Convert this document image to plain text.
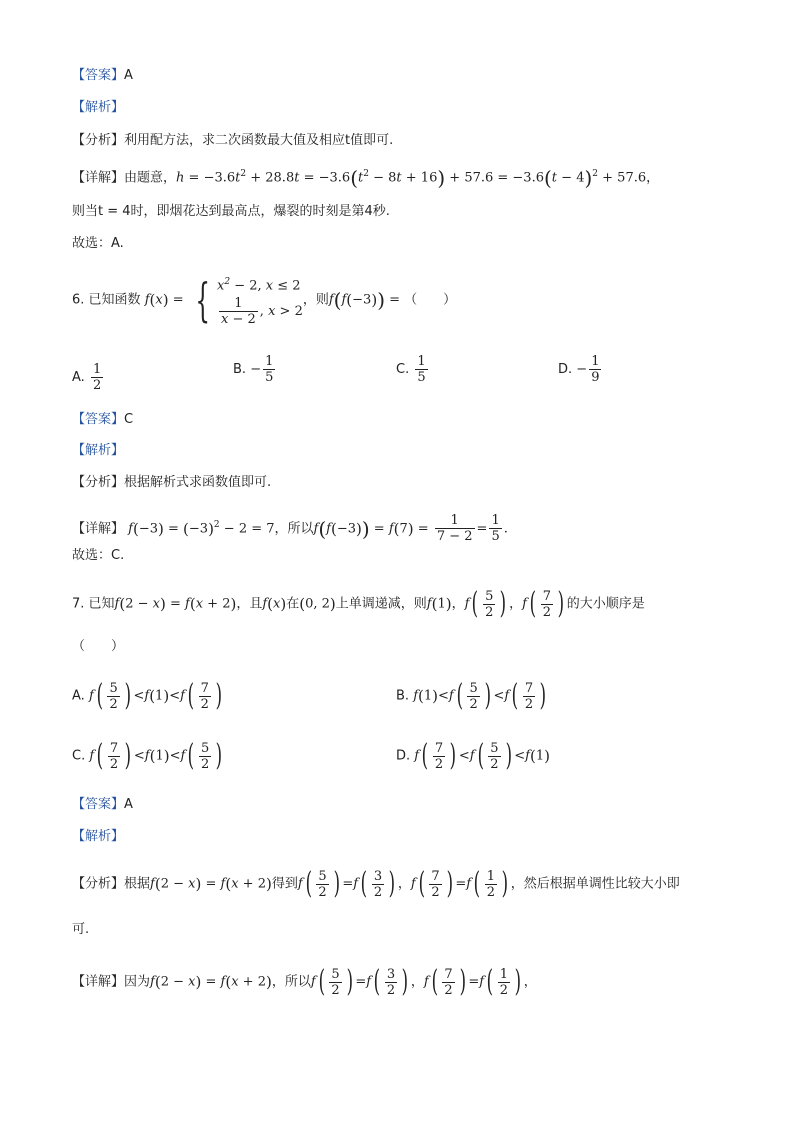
【答案】A
【解析】
【分析】利用配方法，求二次函数最大值及相应t值即可.
【详解】由题意，$h = -3.6t^2 + 28.8t = -3.6(t^2 - 8t + 16) + 57.6 = -3.6(t - 4)^2 + 57.6$，
则当t = 4时，即烟花达到最高点，爆裂的时刻是第4秒.
故选：A.
6. 已知函数 f(x) = { $x^2 - 2$, x ≤ 2
$\frac{1}{x - 2}$ , x > 2
，则f(f(−3)) = （　　）
A. $\frac{1}{2}$	B. − $\frac{1}{5}$	C. $\frac{1}{5}$	D. − $\frac{1}{9}$
【答案】C
【解析】
【分析】根据解析式求函数值即可.
【详解】 $f(-3) = (-3)^2 - 2 = 7$，所以$f(f(-3)) = f(7) = \frac{1}{7 - 2} = \frac{1}{5}$ .
故选：C.
7. 已知f(2 − x) = f(x + 2)，且f(x)在(0, 2)上单调递减，则f(1)，$f( \frac{5}{2}$ ) ，$f( \frac{7}{2}$ ) 的大小顺序是
（　　）
A. $f( \frac{5}{2}$ ) $<f(1)<f( \frac{7}{2}$ )	B. $f(1)<f( \frac{5}{2}$ ) $<f( \frac{7}{2}$ )
C. $f( \frac{7}{2}$ ) $<f(1)<f( \frac{5}{2}$ )	D. $f( \frac{7}{2}$ ) $<f( \frac{5}{2}$ ) <f(1)
【答案】A
【解析】
【分析】根据f(2 − x) = f(x + 2)得到$f( \frac{5}{2}$ ) $=f( \frac{3}{2}$ ) ，$f( \frac{7}{2}$ ) $=f( \frac{1}{2}$ ) ，然后根据单调性比较大小即
可.
【详解】因为f(2 − x) = f(x + 2)，所以$f( \frac{5}{2}$ ) $=f( \frac{3}{2}$ ) ，$f( \frac{7}{2}$ ) $=f( \frac{1}{2}$ ) ，
